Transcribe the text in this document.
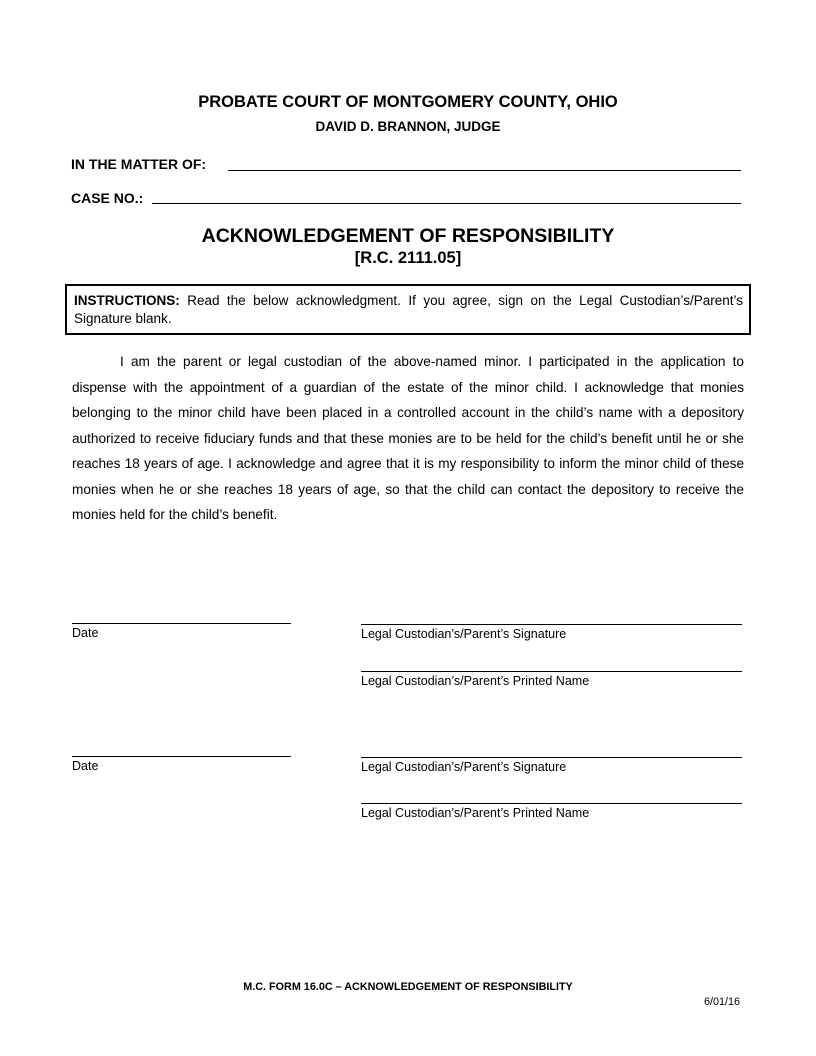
PROBATE COURT OF MONTGOMERY COUNTY, OHIO
DAVID D. BRANNON, JUDGE
IN THE MATTER OF:
CASE NO.:
ACKNOWLEDGEMENT OF RESPONSIBILITY
[R.C. 2111.05]
INSTRUCTIONS: Read the below acknowledgment. If you agree, sign on the Legal Custodian’s/Parent’s Signature blank.

I am the parent or legal custodian of the above-named minor. I participated in the application to dispense with the appointment of a guardian of the estate of the minor child. I acknowledge that monies belonging to the minor child have been placed in a controlled account in the child’s name with a depository authorized to receive fiduciary funds and that these monies are to be held for the child’s benefit until he or she reaches 18 years of age. I acknowledge and agree that it is my responsibility to inform the minor child of these monies when he or she reaches 18 years of age, so that the child can contact the depository to receive the monies held for the child’s benefit.

Date	Legal Custodian’s/Parent’s Signature
Legal Custodian’s/Parent’s Printed Name
Date	Legal Custodian’s/Parent’s Signature
Legal Custodian’s/Parent’s Printed Name
M.C. FORM 16.0C – ACKNOWLEDGEMENT OF RESPONSIBILITY
6/01/16
